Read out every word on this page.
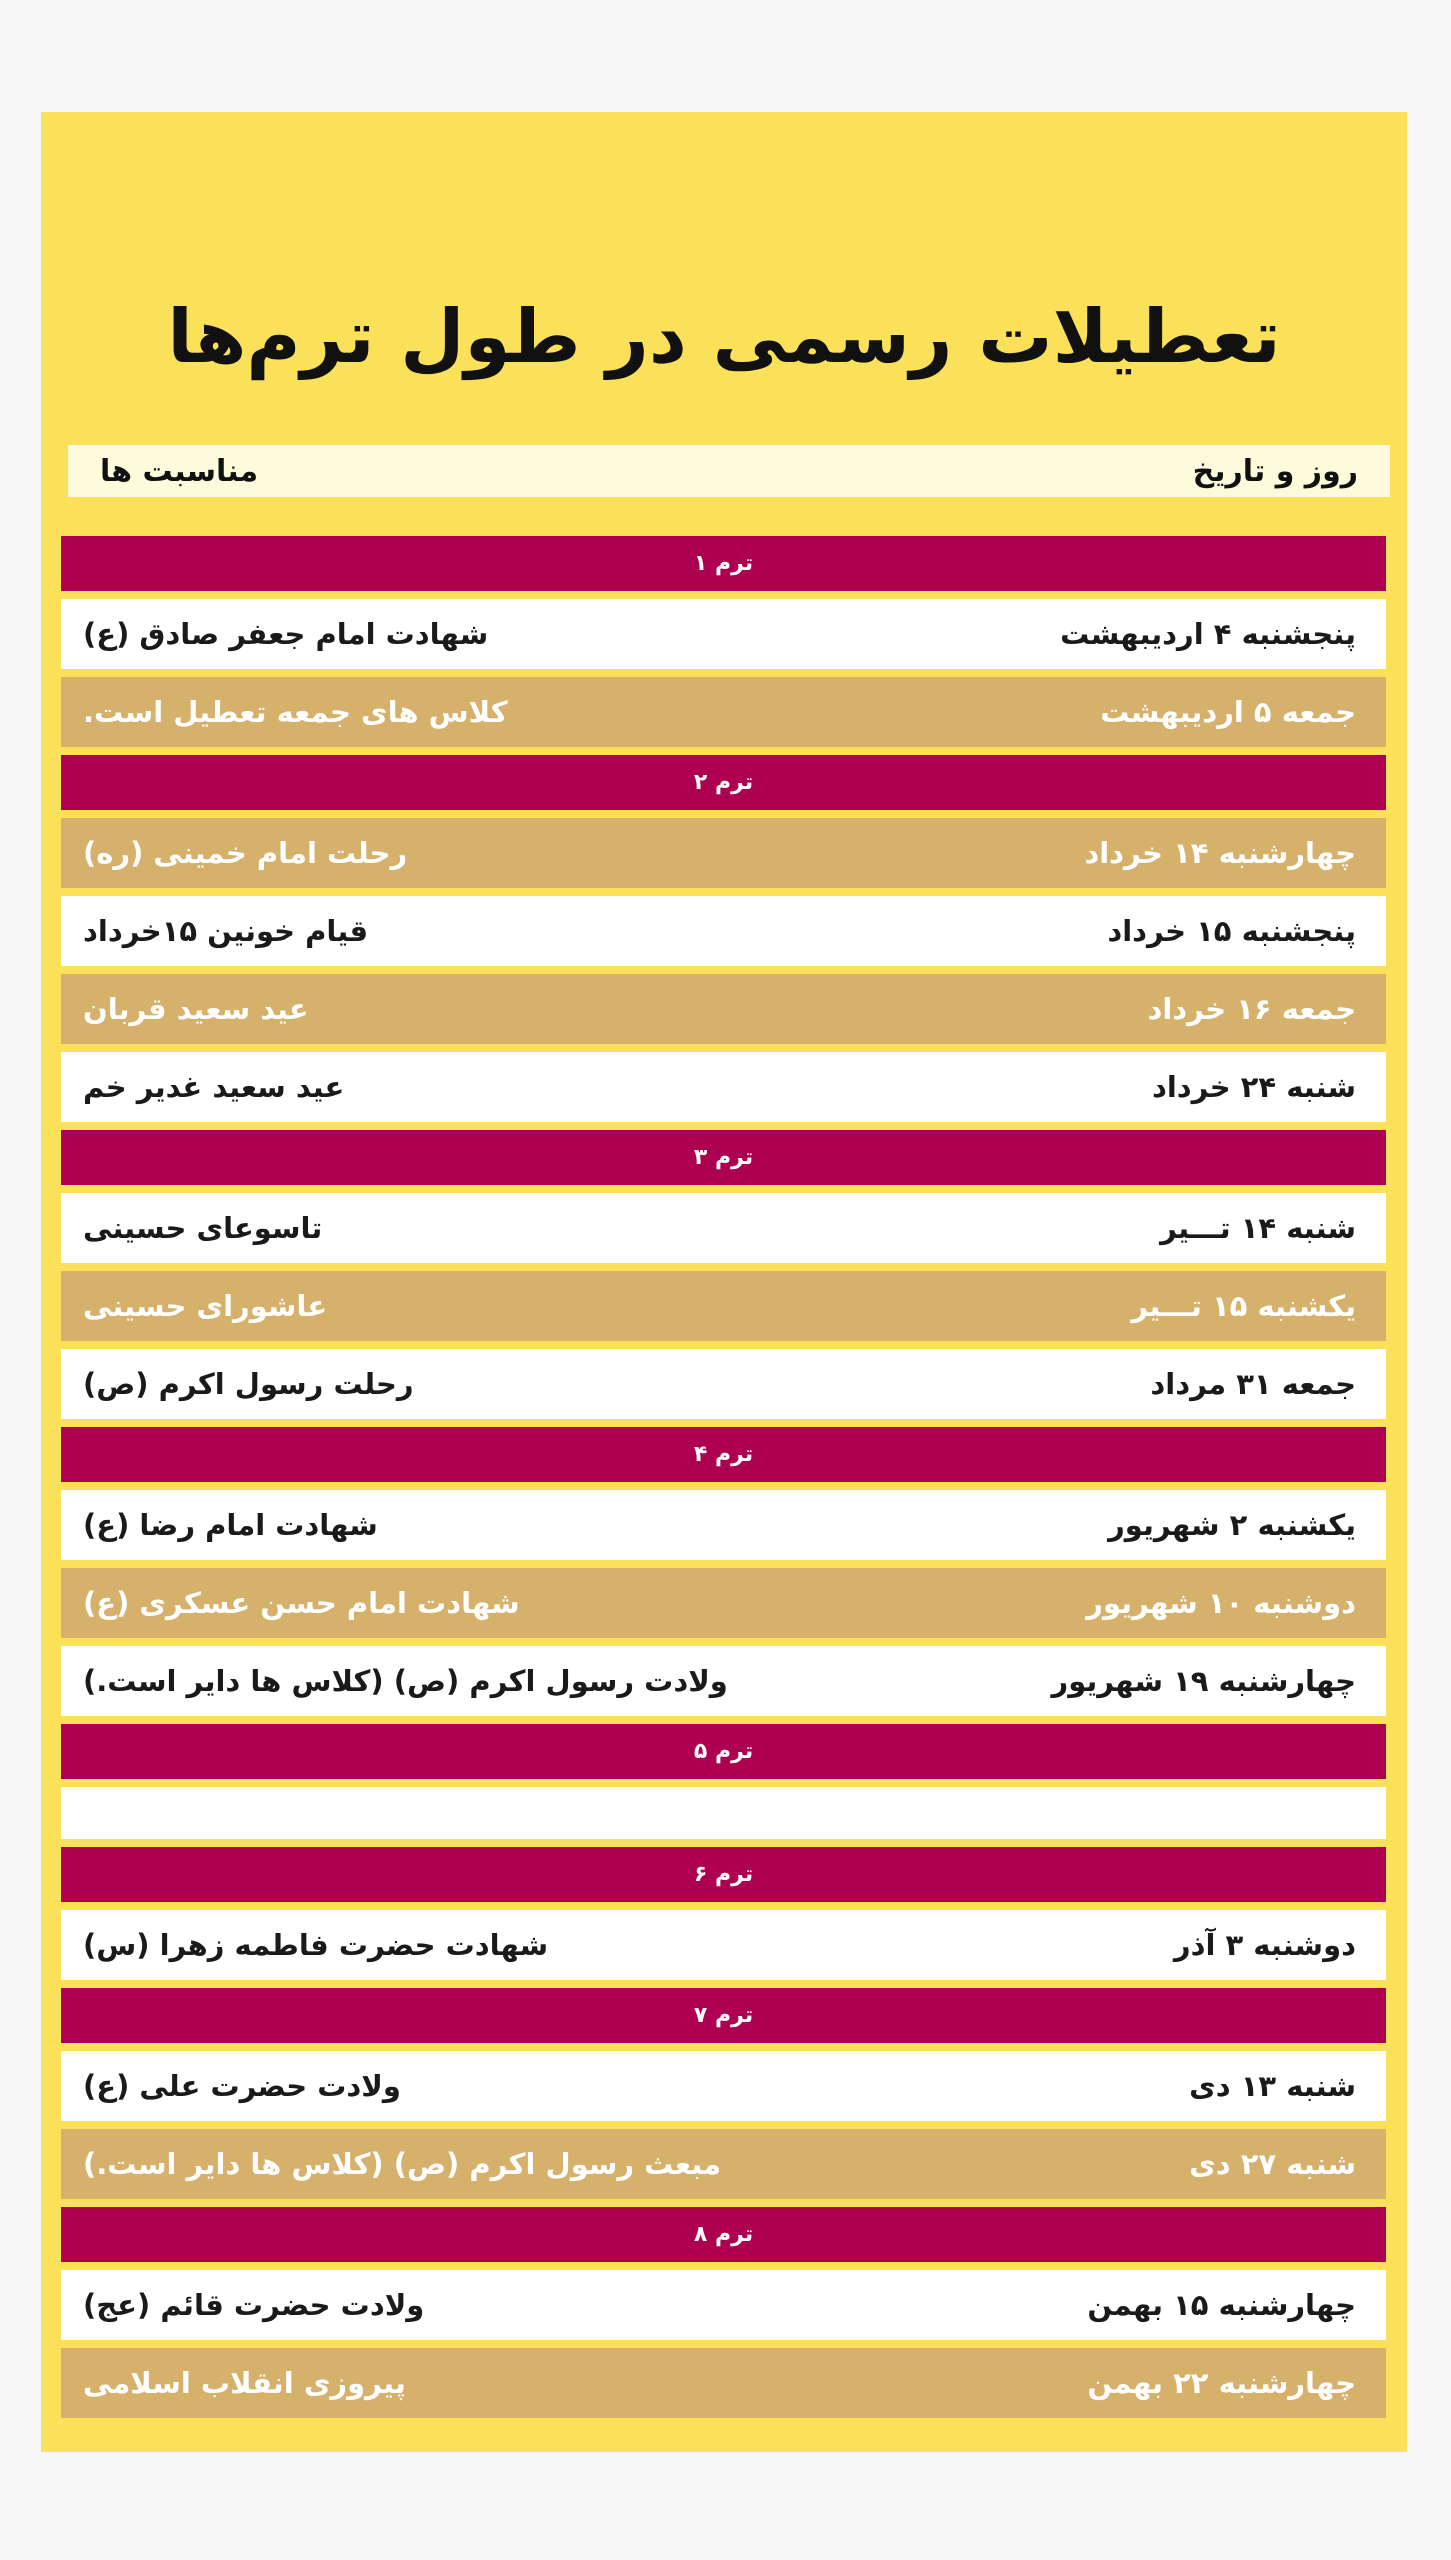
تعطیلات رسمی در طول ترم‌ها
روز و تاریخ
مناسبت ها
ترم ۱
پنجشنبه ۴ اردیبهشت
شهادت امام جعفر صادق (ع)
جمعه ۵ اردیبهشت
کلاس های جمعه تعطیل است.
ترم ۲
چهارشنبه ۱۴ خرداد
رحلت امام خمینی (ره)
پنجشنبه ۱۵ خرداد
قیام خونین ۱۵خرداد
جمعه ۱۶ خرداد
عید سعید قربان
شنبه ۲۴ خرداد
عید سعید غدیر خم
ترم ۳
شنبه ۱۴ تـــیر
تاسوعای حسینی
یکشنبه ۱۵ تـــیر
عاشورای حسینی
جمعه ۳۱ مرداد
رحلت رسول اکرم (ص)
ترم ۴
یکشنبه ۲ شهریور
شهادت امام رضا (ع)
دوشنبه ۱۰ شهریور
شهادت امام حسن عسکری (ع)
چهارشنبه ۱۹ شهریور
ولادت رسول اکرم (ص) (کلاس ها دایر است.)
ترم ۵
ترم ۶
دوشنبه ۳ آذر
شهادت حضرت فاطمه زهرا (س)
ترم ۷
شنبه ۱۳ دی
ولادت حضرت علی (ع)
شنبه ۲۷ دی
مبعث رسول اکرم (ص) (کلاس ها دایر است.)
ترم ۸
چهارشنبه ۱۵ بهمن
ولادت حضرت قائم (عج)
چهارشنبه ۲۲ بهمن
پیروزی انقلاب اسلامی
